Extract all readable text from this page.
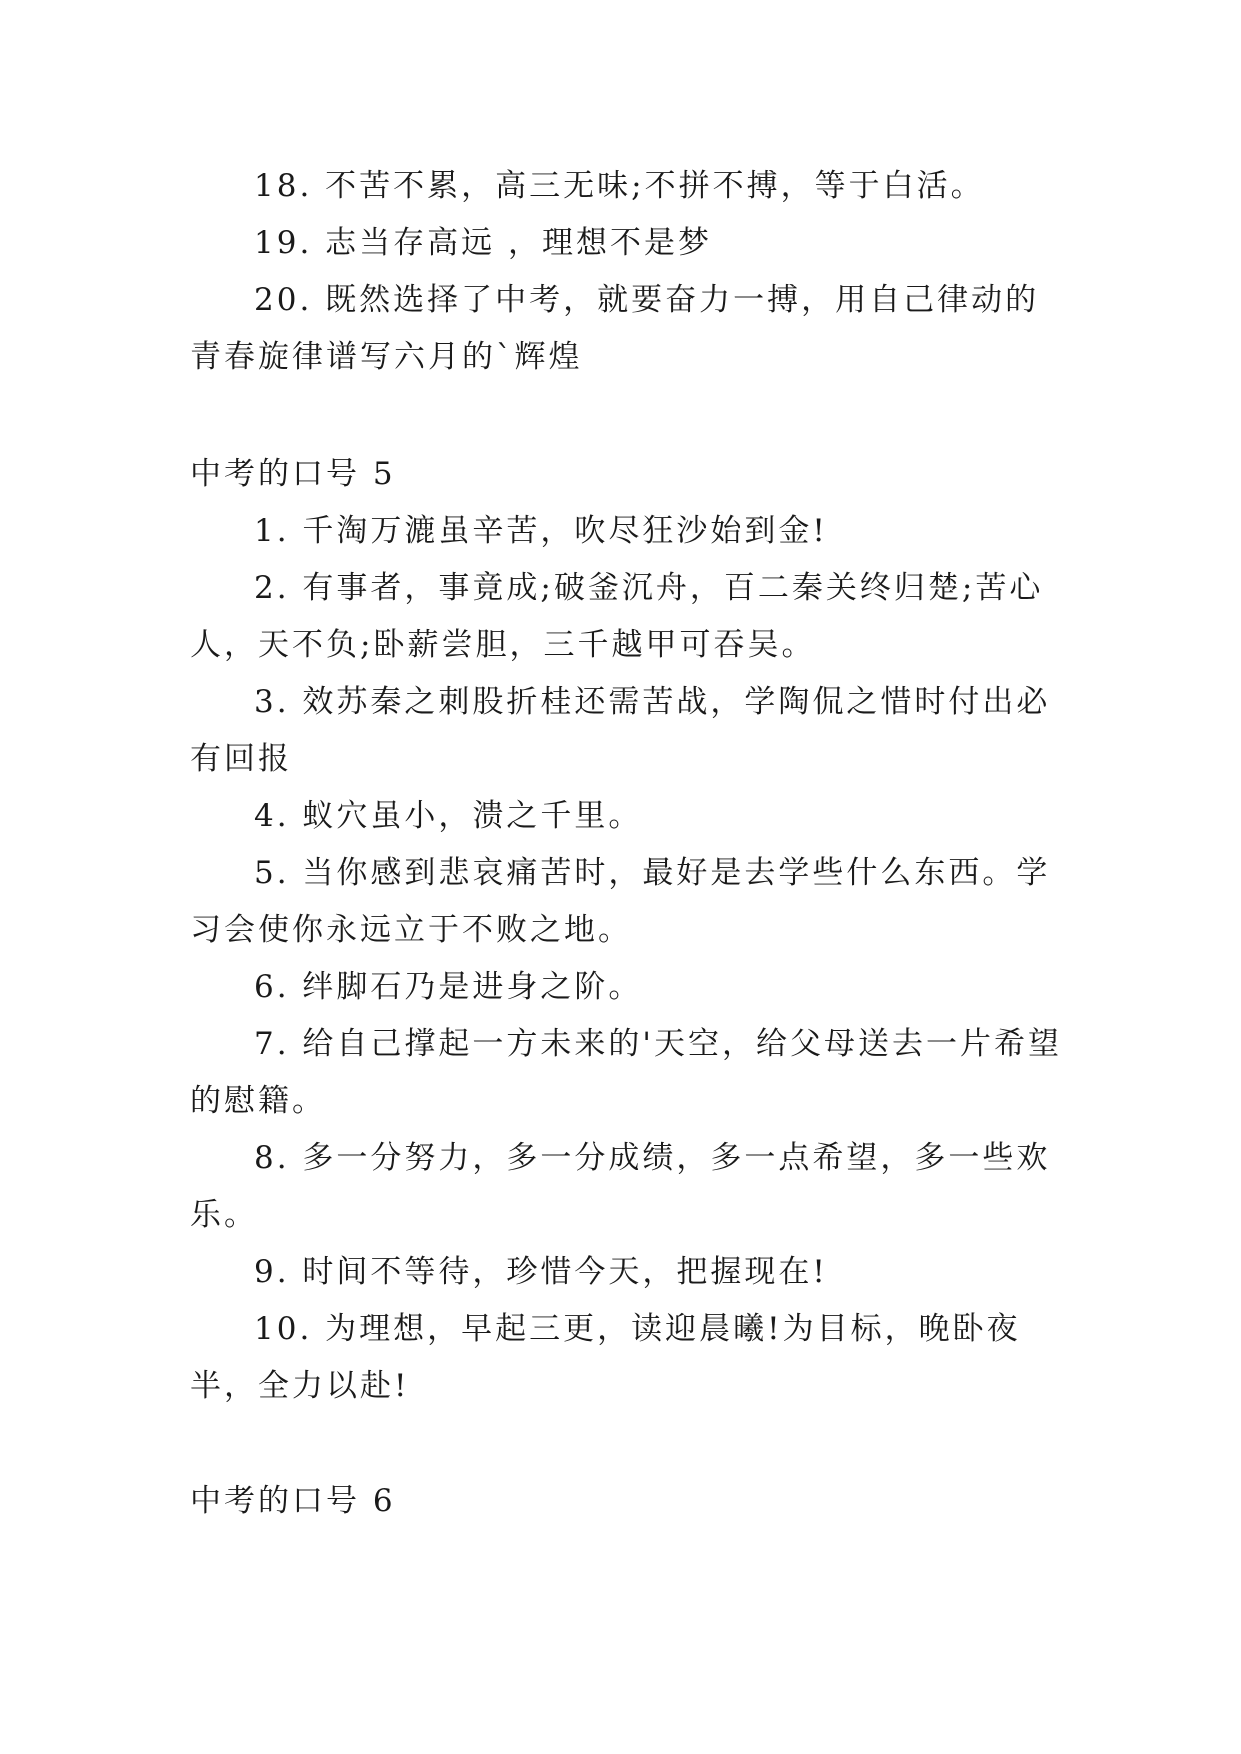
18. 不苦不累，高三无味;不拼不搏，等于白活。

19. 志当存高远 ，理想不是梦

20. 既然选择了中考，就要奋力一搏，用自己律动的青春旋律谱写六月的`辉煌

中考的口号 5

1. 千淘万漉虽辛苦，吹尽狂沙始到金!

2. 有事者，事竟成;破釜沉舟，百二秦关终归楚;苦心人，天不负;卧薪尝胆，三千越甲可吞吴。

3. 效苏秦之刺股折桂还需苦战，学陶侃之惜时付出必有回报

4. 蚁穴虽小，溃之千里。

5. 当你感到悲哀痛苦时，最好是去学些什么东西。学习会使你永远立于不败之地。

6. 绊脚石乃是进身之阶。

7. 给自己撑起一方未来的'天空，给父母送去一片希望的慰籍。

8. 多一分努力，多一分成绩，多一点希望，多一些欢乐。

9. 时间不等待，珍惜今天，把握现在!

10. 为理想，早起三更，读迎晨曦!为目标，晚卧夜半，全力以赴!

中考的口号 6
